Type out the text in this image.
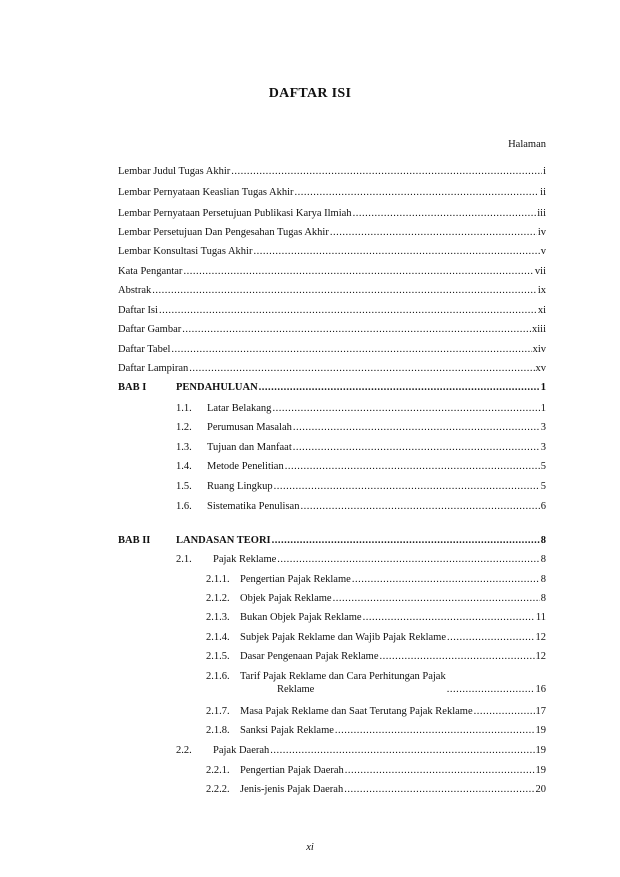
DAFTAR ISI
Halaman
Lembar Judul Tugas Akhir .....	i
Lembar Pernyataan Keaslian Tugas Akhir .....	ii
Lembar Pernyataan Persetujuan Publikasi Karya Ilmiah .....	iii
Lembar Persetujuan Dan Pengesahan Tugas Akhir .....	iv
Lembar Konsultasi Tugas Akhir .....	v
Kata Pengantar .....	vii
Abstrak .....	ix
Daftar Isi .....	xi
Daftar Gambar .....	xiii
Daftar Tabel .....	xiv
Daftar Lampiran .....	xv
BAB I	PENDAHULUAN .....	1
1.1.	Latar Belakang .....	1
1.2.	Perumusan Masalah .....	3
1.3.	Tujuan dan Manfaat .....	3
1.4.	Metode Penelitian .....	5
1.5.	Ruang Lingkup .....	5
1.6.	Sistematika Penulisan .....	6
BAB II	LANDASAN TEORI .....	8
2.1.	Pajak Reklame .....	8
2.1.1. Pengertian Pajak Reklame .....	8
2.1.2. Objek Pajak Reklame .....	8
2.1.3. Bukan Objek Pajak Reklame .....	11
2.1.4. Subjek Pajak Reklame dan Wajib Pajak Reklame .....	12
2.1.5. Dasar Pengenaan Pajak Reklame .....	12
2.1.6. Tarif Pajak Reklame dan Cara Perhitungan Pajak
Reklame .....	16
2.1.7. Masa Pajak Reklame dan Saat Terutang Pajak Reklame .....	17
2.1.8. Sanksi Pajak Reklame .....	19
2.2.	Pajak Daerah .....	19
2.2.1. Pengertian Pajak Daerah .....	19
2.2.2. Jenis-jenis Pajak Daerah .....	20
xi
